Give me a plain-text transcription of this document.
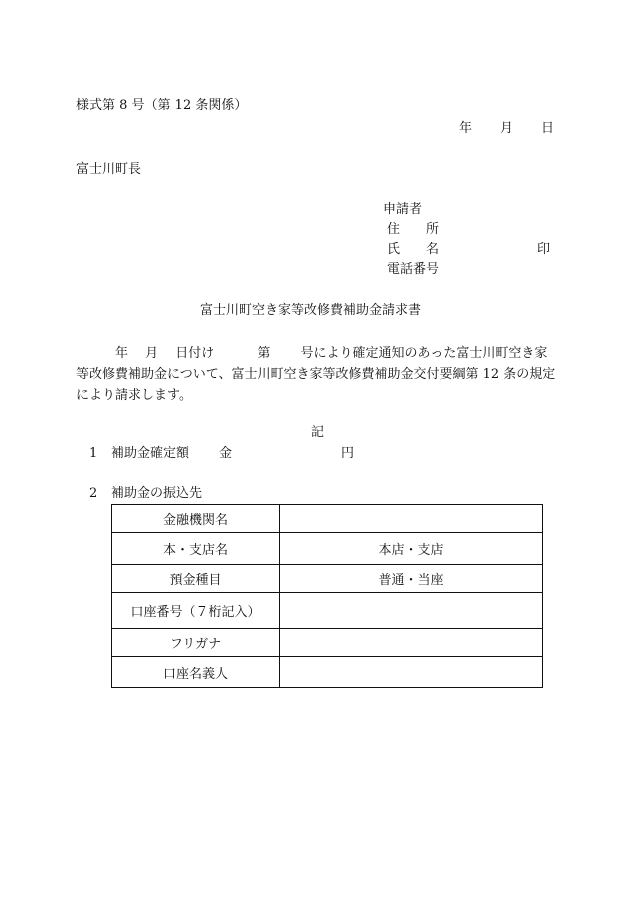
様式第 8 号（第 12 条関係）
年 月 日
富士川町長
申請者
住　　所
氏　　名	印
電話番号
富士川町空き家等改修費補助金請求書
　　　年　 月　 日付け　　　 第　　 号により確定通知のあった富士川町空き家等改修費補助金について、富士川町空き家等改修費補助金交付要綱第 12 条の規定により請求します。
記
1 補助金確定額 金	円
2 補助金の振込先
金融機関名	
本・支店名	本店・支店
預金種目	普通・当座
口座番号（７桁記入）	
フリガナ	
口座名義人	
